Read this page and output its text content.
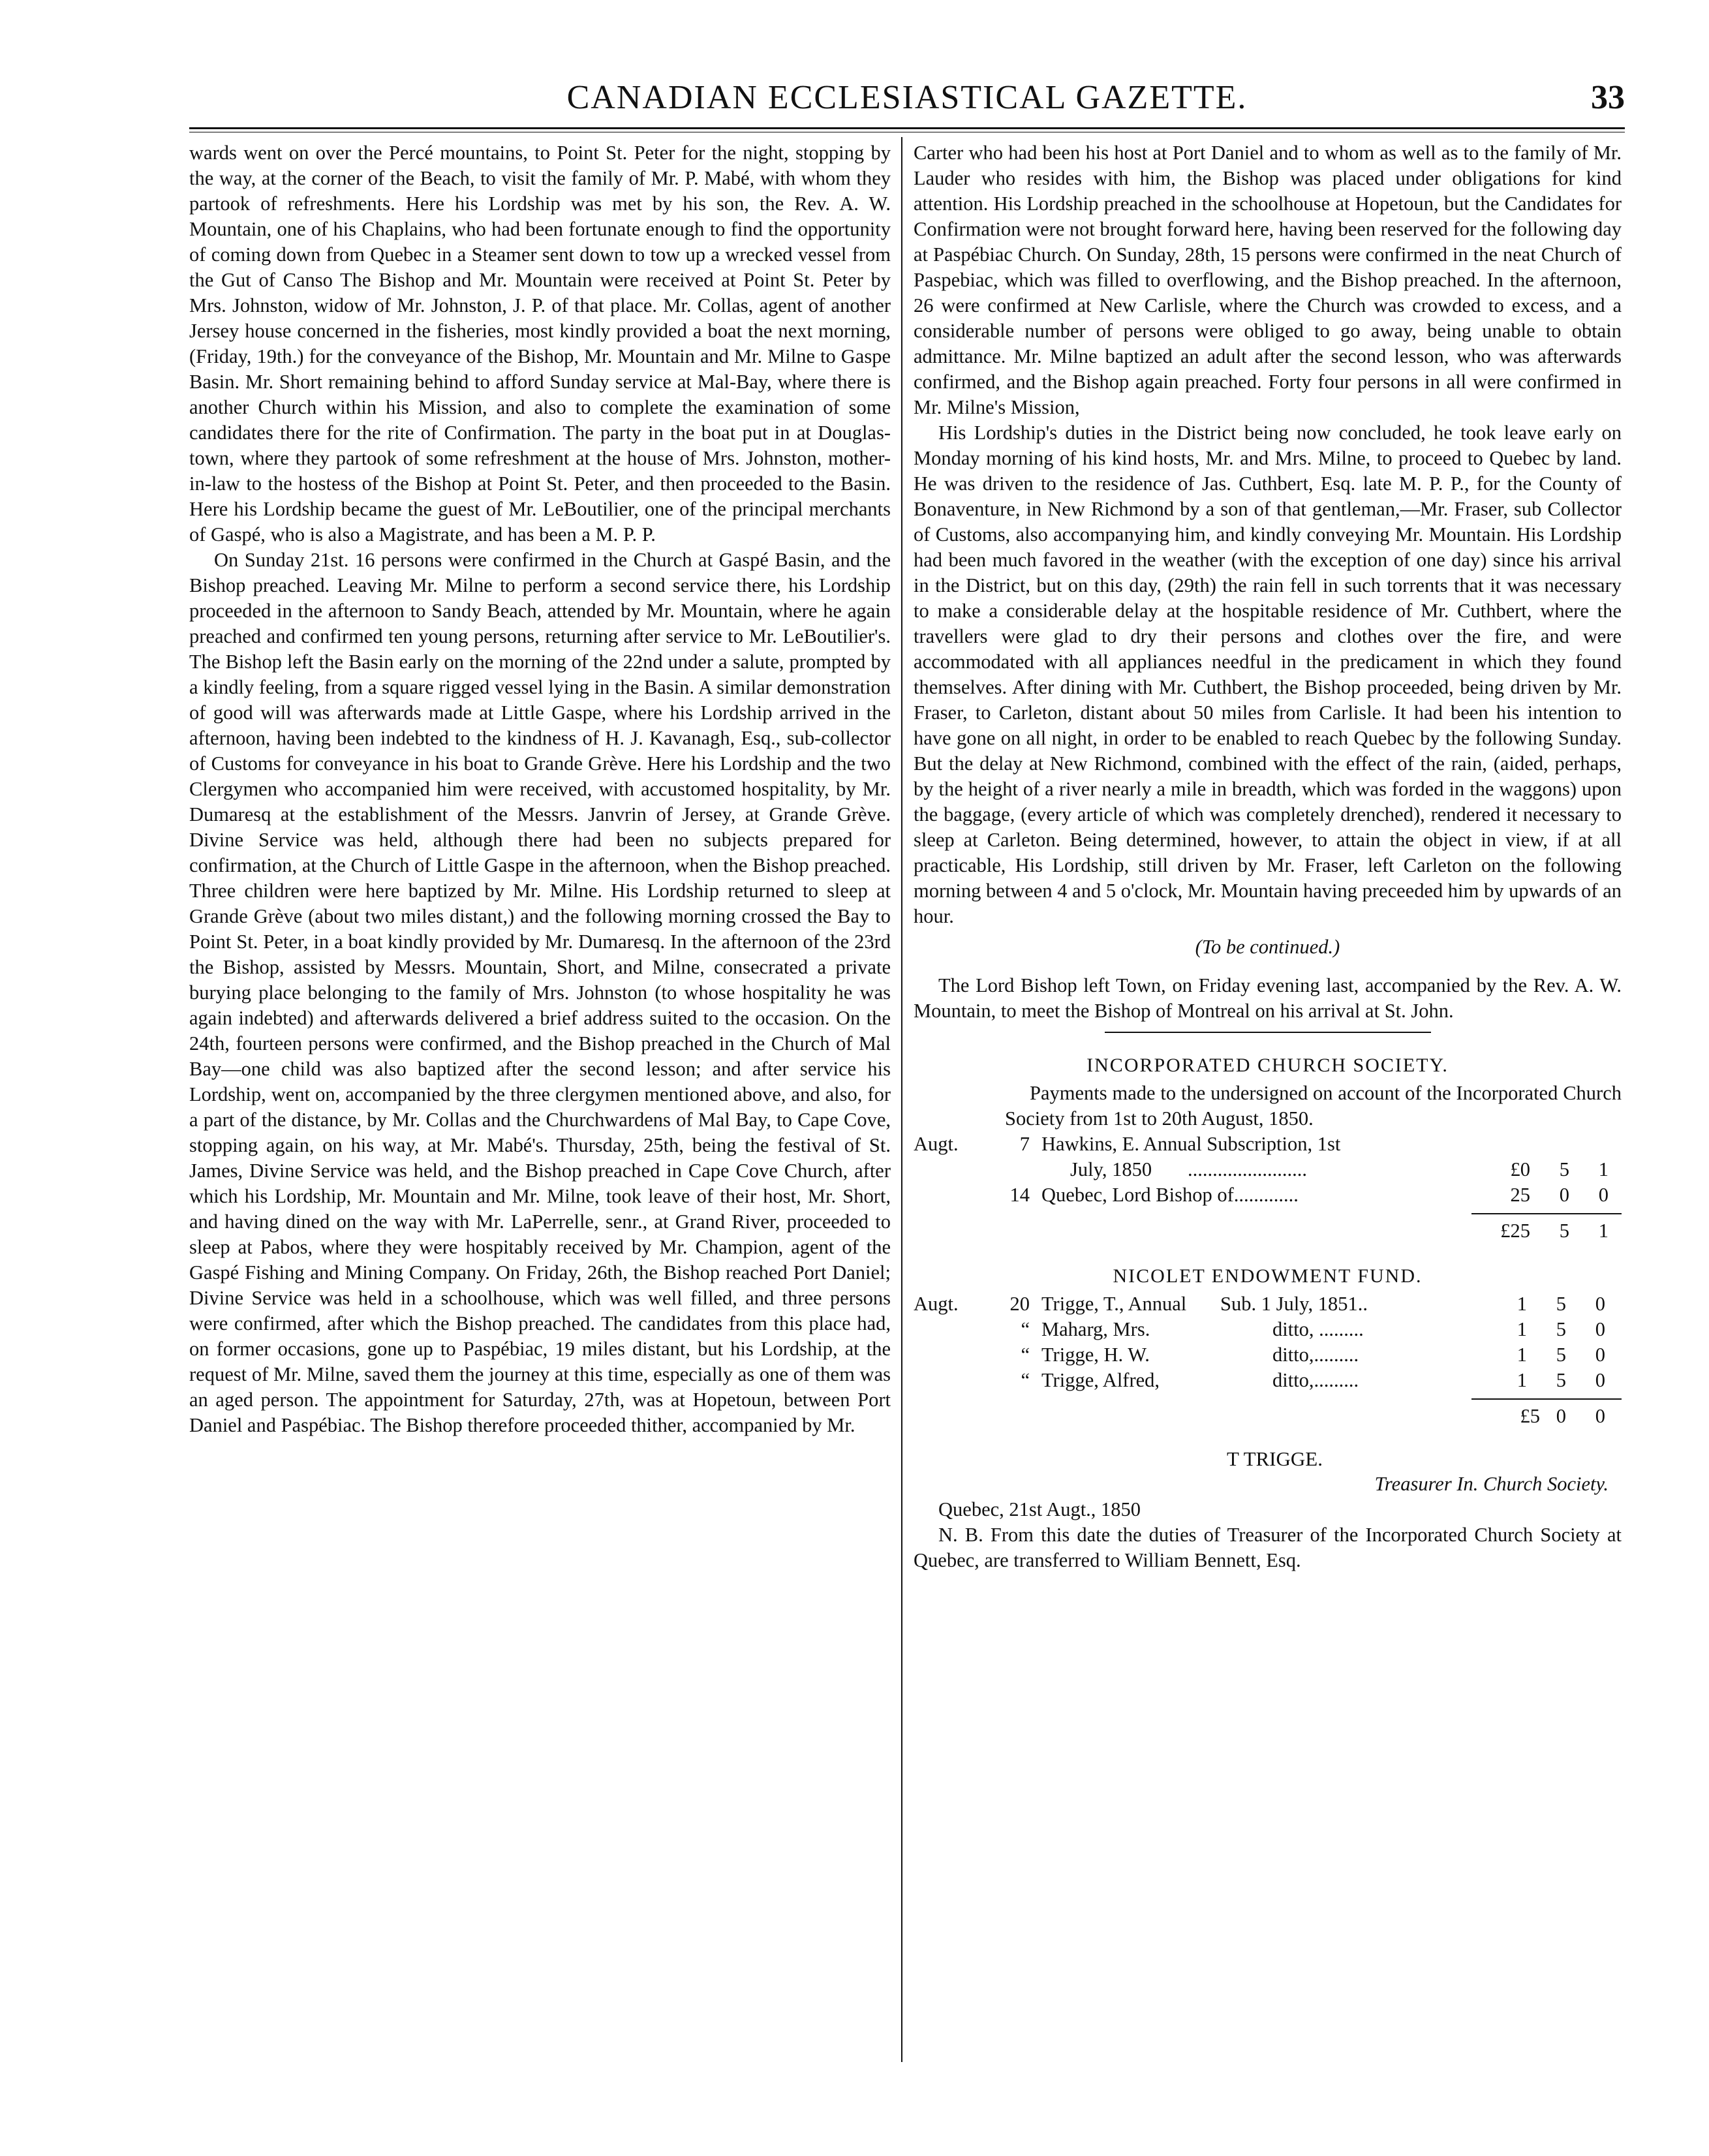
CANADIAN ECCLESIASTICAL GAZETTE.	33

wards went on over the Percé mountains, to Point St. Peter for the night, stopping by the way, at the corner of the Beach, to visit the family of Mr. P. Mabé, with whom they partook of refreshments. Here his Lordship was met by his son, the Rev. A. W. Mountain, one of his Chaplains, who had been fortunate enough to find the opportunity of coming down from Quebec in a Steamer sent down to tow up a wrecked vessel from the Gut of Canso The Bishop and Mr. Mountain were received at Point St. Peter by Mrs. Johnston, widow of Mr. Johnston, J. P. of that place. Mr. Collas, agent of another Jersey house concerned in the fisheries, most kindly provided a boat the next morning, (Friday, 19th.) for the conveyance of the Bishop, Mr. Mountain and Mr. Milne to Gaspe Basin. Mr. Short remaining behind to afford Sunday service at Mal-Bay, where there is another Church within his Mission, and also to complete the examination of some candidates there for the rite of Confirmation. The party in the boat put in at Douglas-town, where they partook of some refreshment at the house of Mrs. Johnston, mother-in-law to the hostess of the Bishop at Point St. Peter, and then proceeded to the Basin. Here his Lordship became the guest of Mr. LeBoutilier, one of the principal merchants of Gaspé, who is also a Magistrate, and has been a M. P. P.

On Sunday 21st. 16 persons were confirmed in the Church at Gaspé Basin, and the Bishop preached. Leaving Mr. Milne to perform a second service there, his Lordship proceeded in the afternoon to Sandy Beach, attended by Mr. Mountain, where he again preached and confirmed ten young persons, returning after service to Mr. LeBoutilier's. The Bishop left the Basin early on the morning of the 22nd under a salute, prompted by a kindly feeling, from a square rigged vessel lying in the Basin. A similar demonstration of good will was afterwards made at Little Gaspe, where his Lordship arrived in the afternoon, having been indebted to the kindness of H. J. Kavanagh, Esq., sub-collector of Customs for conveyance in his boat to Grande Grève. Here his Lordship and the two Clergymen who accompanied him were received, with accustomed hospitality, by Mr. Dumaresq at the establishment of the Messrs. Janvrin of Jersey, at Grande Grève. Divine Service was held, although there had been no subjects prepared for confirmation, at the Church of Little Gaspe in the afternoon, when the Bishop preached. Three children were here baptized by Mr. Milne. His Lordship returned to sleep at Grande Grève (about two miles distant,) and the following morning crossed the Bay to Point St. Peter, in a boat kindly provided by Mr. Dumaresq. In the afternoon of the 23rd the Bishop, assisted by Messrs. Mountain, Short, and Milne, consecrated a private burying place belonging to the family of Mrs. Johnston (to whose hospitality he was again indebted) and afterwards delivered a brief address suited to the occasion. On the 24th, fourteen persons were confirmed, and the Bishop preached in the Church of Mal Bay—one child was also baptized after the second lesson; and after service his Lordship, went on, accompanied by the three clergymen mentioned above, and also, for a part of the distance, by Mr. Collas and the Churchwardens of Mal Bay, to Cape Cove, stopping again, on his way, at Mr. Mabé's. Thursday, 25th, being the festival of St. James, Divine Service was held, and the Bishop preached in Cape Cove Church, after which his Lordship, Mr. Mountain and Mr. Milne, took leave of their host, Mr. Short, and having dined on the way with Mr. LaPerrelle, senr., at Grand River, proceeded to sleep at Pabos, where they were hospitably received by Mr. Champion, agent of the Gaspé Fishing and Mining Company. On Friday, 26th, the Bishop reached Port Daniel; Divine Service was held in a schoolhouse, which was well filled, and three persons were confirmed, after which the Bishop preached. The candidates from this place had, on former occasions, gone up to Paspébiac, 19 miles distant, but his Lordship, at the request of Mr. Milne, saved them the journey at this time, especially as one of them was an aged person. The appointment for Saturday, 27th, was at Hopetoun, between Port Daniel and Paspébiac. The Bishop therefore proceeded thither, accompanied by Mr.

Carter who had been his host at Port Daniel and to whom as well as to the family of Mr. Lauder who resides with him, the Bishop was placed under obligations for kind attention. His Lordship preached in the schoolhouse at Hopetoun, but the Candidates for Confirmation were not brought forward here, having been reserved for the following day at Paspébiac Church. On Sunday, 28th, 15 persons were confirmed in the neat Church of Paspebiac, which was filled to overflowing, and the Bishop preached. In the afternoon, 26 were confirmed at New Carlisle, where the Church was crowded to excess, and a considerable number of persons were obliged to go away, being unable to obtain admittance. Mr. Milne baptized an adult after the second lesson, who was afterwards confirmed, and the Bishop again preached. Forty four persons in all were confirmed in Mr. Milne's Mission,

His Lordship's duties in the District being now concluded, he took leave early on Monday morning of his kind hosts, Mr. and Mrs. Milne, to proceed to Quebec by land. He was driven to the residence of Jas. Cuthbert, Esq. late M. P. P., for the County of Bonaventure, in New Richmond by a son of that gentleman,—Mr. Fraser, sub Collector of Customs, also accompanying him, and kindly conveying Mr. Mountain. His Lordship had been much favored in the weather (with the exception of one day) since his arrival in the District, but on this day, (29th) the rain fell in such torrents that it was necessary to make a considerable delay at the hospitable residence of Mr. Cuthbert, where the travellers were glad to dry their persons and clothes over the fire, and were accommodated with all appliances needful in the predicament in which they found themselves. After dining with Mr. Cuthbert, the Bishop proceeded, being driven by Mr. Fraser, to Carleton, distant about 50 miles from Carlisle. It had been his intention to have gone on all night, in order to be enabled to reach Quebec by the following Sunday. But the delay at New Richmond, combined with the effect of the rain, (aided, perhaps, by the height of a river nearly a mile in breadth, which was forded in the waggons) upon the baggage, (every article of which was completely drenched), rendered it necessary to sleep at Carleton. Being determined, however, to attain the object in view, if at all practicable, His Lordship, still driven by Mr. Fraser, left Carleton on the following morning between 4 and 5 o'clock, Mr. Mountain having preceeded him by upwards of an hour.

(To be continued.)

The Lord Bishop left Town, on Friday evening last, accompanied by the Rev. A. W. Mountain, to meet the Bishop of Montreal on his arrival at St. John.

INCORPORATED CHURCH SOCIETY.

Payments made to the undersigned on account of the Incorporated Church Society from 1st to 20th August, 1850.

Augt.	7 Hawkins, E. Annual Subscription, 1st
July, 1850 ........................	£0	5	1
14 Quebec, Lord Bishop of.............	25	0	0
£25	5	1
NICOLET ENDOWMENT FUND.
Augt.	20 Trigge, T., Annual Sub. 1 July, 1851..	1	5	0
“ Maharg, Mrs.	ditto, .........	1	5	0
“ Trigge, H. W.	ditto,.........	1	5	0
“ Trigge, Alfred,	ditto,.........	1	5	0
£5 0	0
T TRIGGE.
Treasurer In. Church Society.

Quebec, 21st Augt., 1850

N. B. From this date the duties of Treasurer of the Incorporated Church Society at Quebec, are transferred to William Bennett, Esq.
